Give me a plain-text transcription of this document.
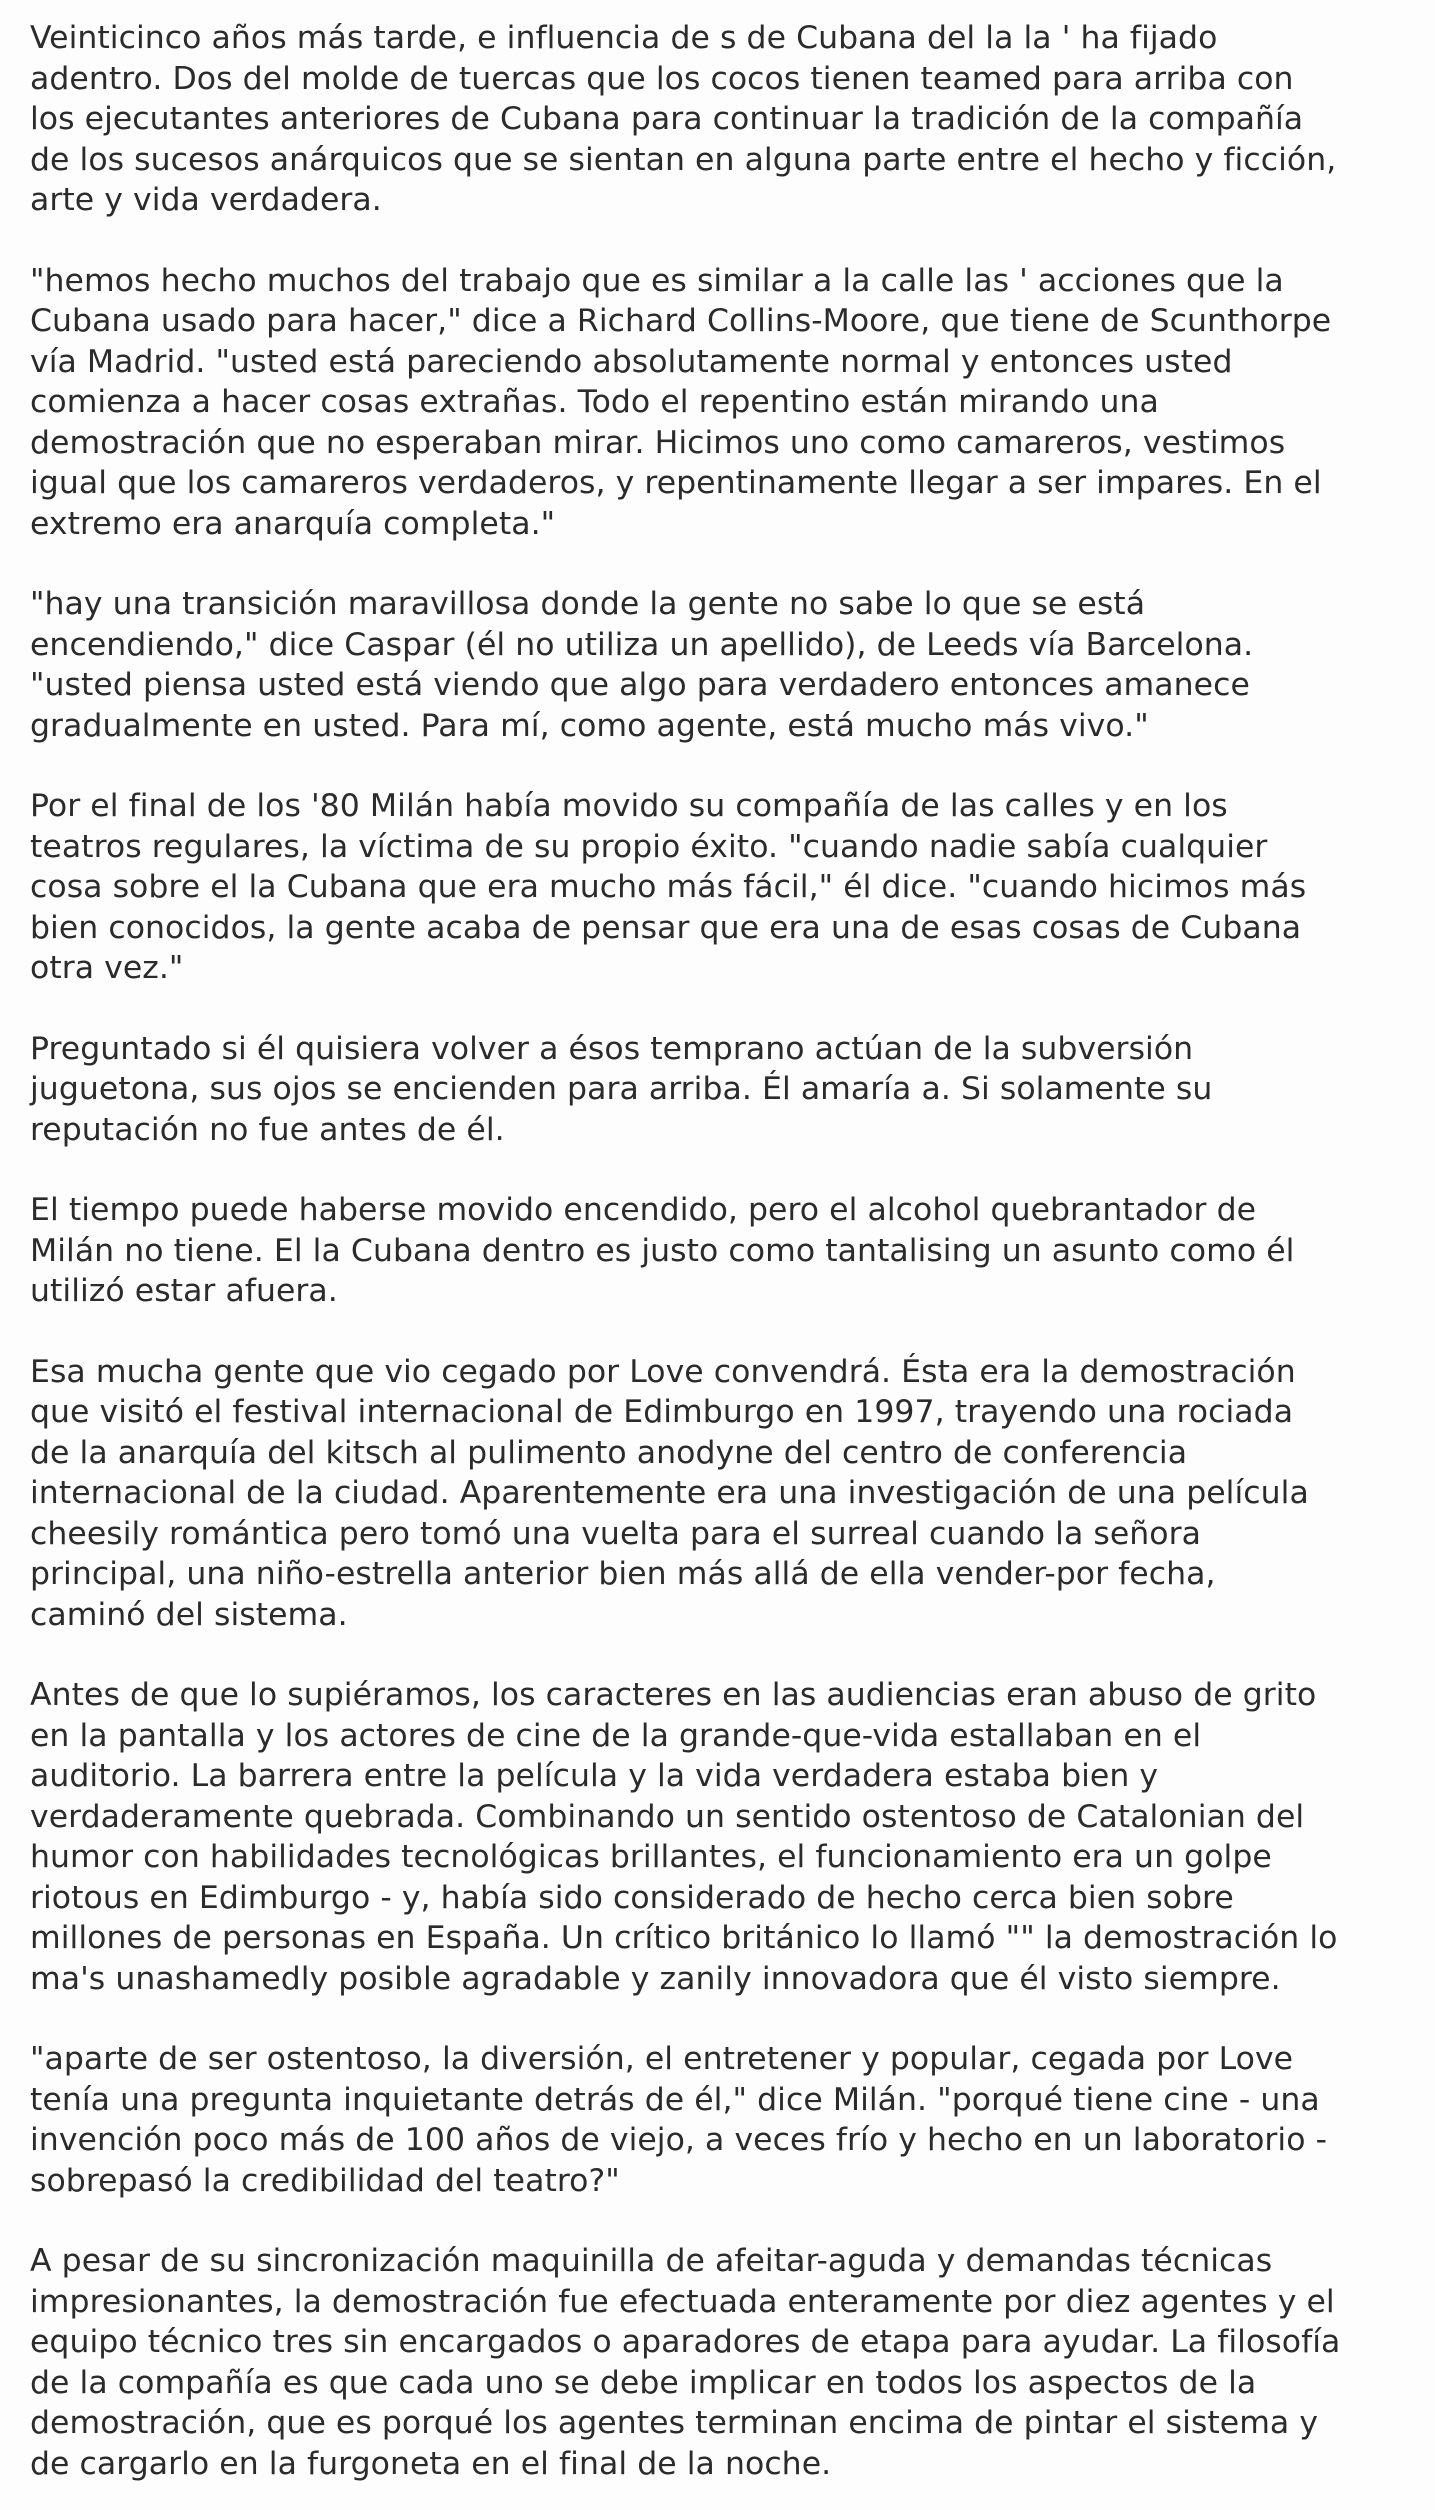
Veinticinco años más tarde, e influencia de s de Cubana del la la ' ha fijado
adentro. Dos del molde de tuercas que los cocos tienen teamed para arriba con
los ejecutantes anteriores de Cubana para continuar la tradición de la compañía
de los sucesos anárquicos que se sientan en alguna parte entre el hecho y ficción,
arte y vida verdadera.

"hemos hecho muchos del trabajo que es similar a la calle las ' acciones que la
Cubana usado para hacer," dice a Richard Collins-Moore, que tiene de Scunthorpe
vía Madrid. "usted está pareciendo absolutamente normal y entonces usted
comienza a hacer cosas extrañas. Todo el repentino están mirando una
demostración que no esperaban mirar. Hicimos uno como camareros, vestimos
igual que los camareros verdaderos, y repentinamente llegar a ser impares. En el
extremo era anarquía completa."

"hay una transición maravillosa donde la gente no sabe lo que se está
encendiendo," dice Caspar (él no utiliza un apellido), de Leeds vía Barcelona.
"usted piensa usted está viendo que algo para verdadero entonces amanece
gradualmente en usted. Para mí, como agente, está mucho más vivo."

Por el final de los '80 Milán había movido su compañía de las calles y en los
teatros regulares, la víctima de su propio éxito. "cuando nadie sabía cualquier
cosa sobre el la Cubana que era mucho más fácil," él dice. "cuando hicimos más
bien conocidos, la gente acaba de pensar que era una de esas cosas de Cubana
otra vez."

Preguntado si él quisiera volver a ésos temprano actúan de la subversión
juguetona, sus ojos se encienden para arriba. Él amaría a. Si solamente su
reputación no fue antes de él.

El tiempo puede haberse movido encendido, pero el alcohol quebrantador de
Milán no tiene. El la Cubana dentro es justo como tantalising un asunto como él
utilizó estar afuera.

Esa mucha gente que vio cegado por Love convendrá. Ésta era la demostración
que visitó el festival internacional de Edimburgo en 1997, trayendo una rociada
de la anarquía del kitsch al pulimento anodyne del centro de conferencia
internacional de la ciudad. Aparentemente era una investigación de una película
cheesily romántica pero tomó una vuelta para el surreal cuando la señora
principal, una niño-estrella anterior bien más allá de ella vender-por fecha,
caminó del sistema.

Antes de que lo supiéramos, los caracteres en las audiencias eran abuso de grito
en la pantalla y los actores de cine de la grande-que-vida estallaban en el
auditorio. La barrera entre la película y la vida verdadera estaba bien y
verdaderamente quebrada. Combinando un sentido ostentoso de Catalonian del
humor con habilidades tecnológicas brillantes, el funcionamiento era un golpe
riotous en Edimburgo - y, había sido considerado de hecho cerca bien sobre
millones de personas en España. Un crítico británico lo llamó "" la demostración lo
ma's unashamedly posible agradable y zanily innovadora que él visto siempre.

"aparte de ser ostentoso, la diversión, el entretener y popular, cegada por Love
tenía una pregunta inquietante detrás de él," dice Milán. "porqué tiene cine - una
invención poco más de 100 años de viejo, a veces frío y hecho en un laboratorio -
sobrepasó la credibilidad del teatro?"

A pesar de su sincronización maquinilla de afeitar-aguda y demandas técnicas
impresionantes, la demostración fue efectuada enteramente por diez agentes y el
equipo técnico tres sin encargados o aparadores de etapa para ayudar. La filosofía
de la compañía es que cada uno se debe implicar en todos los aspectos de la
demostración, que es porqué los agentes terminan encima de pintar el sistema y
de cargarlo en la furgoneta en el final de la noche.
